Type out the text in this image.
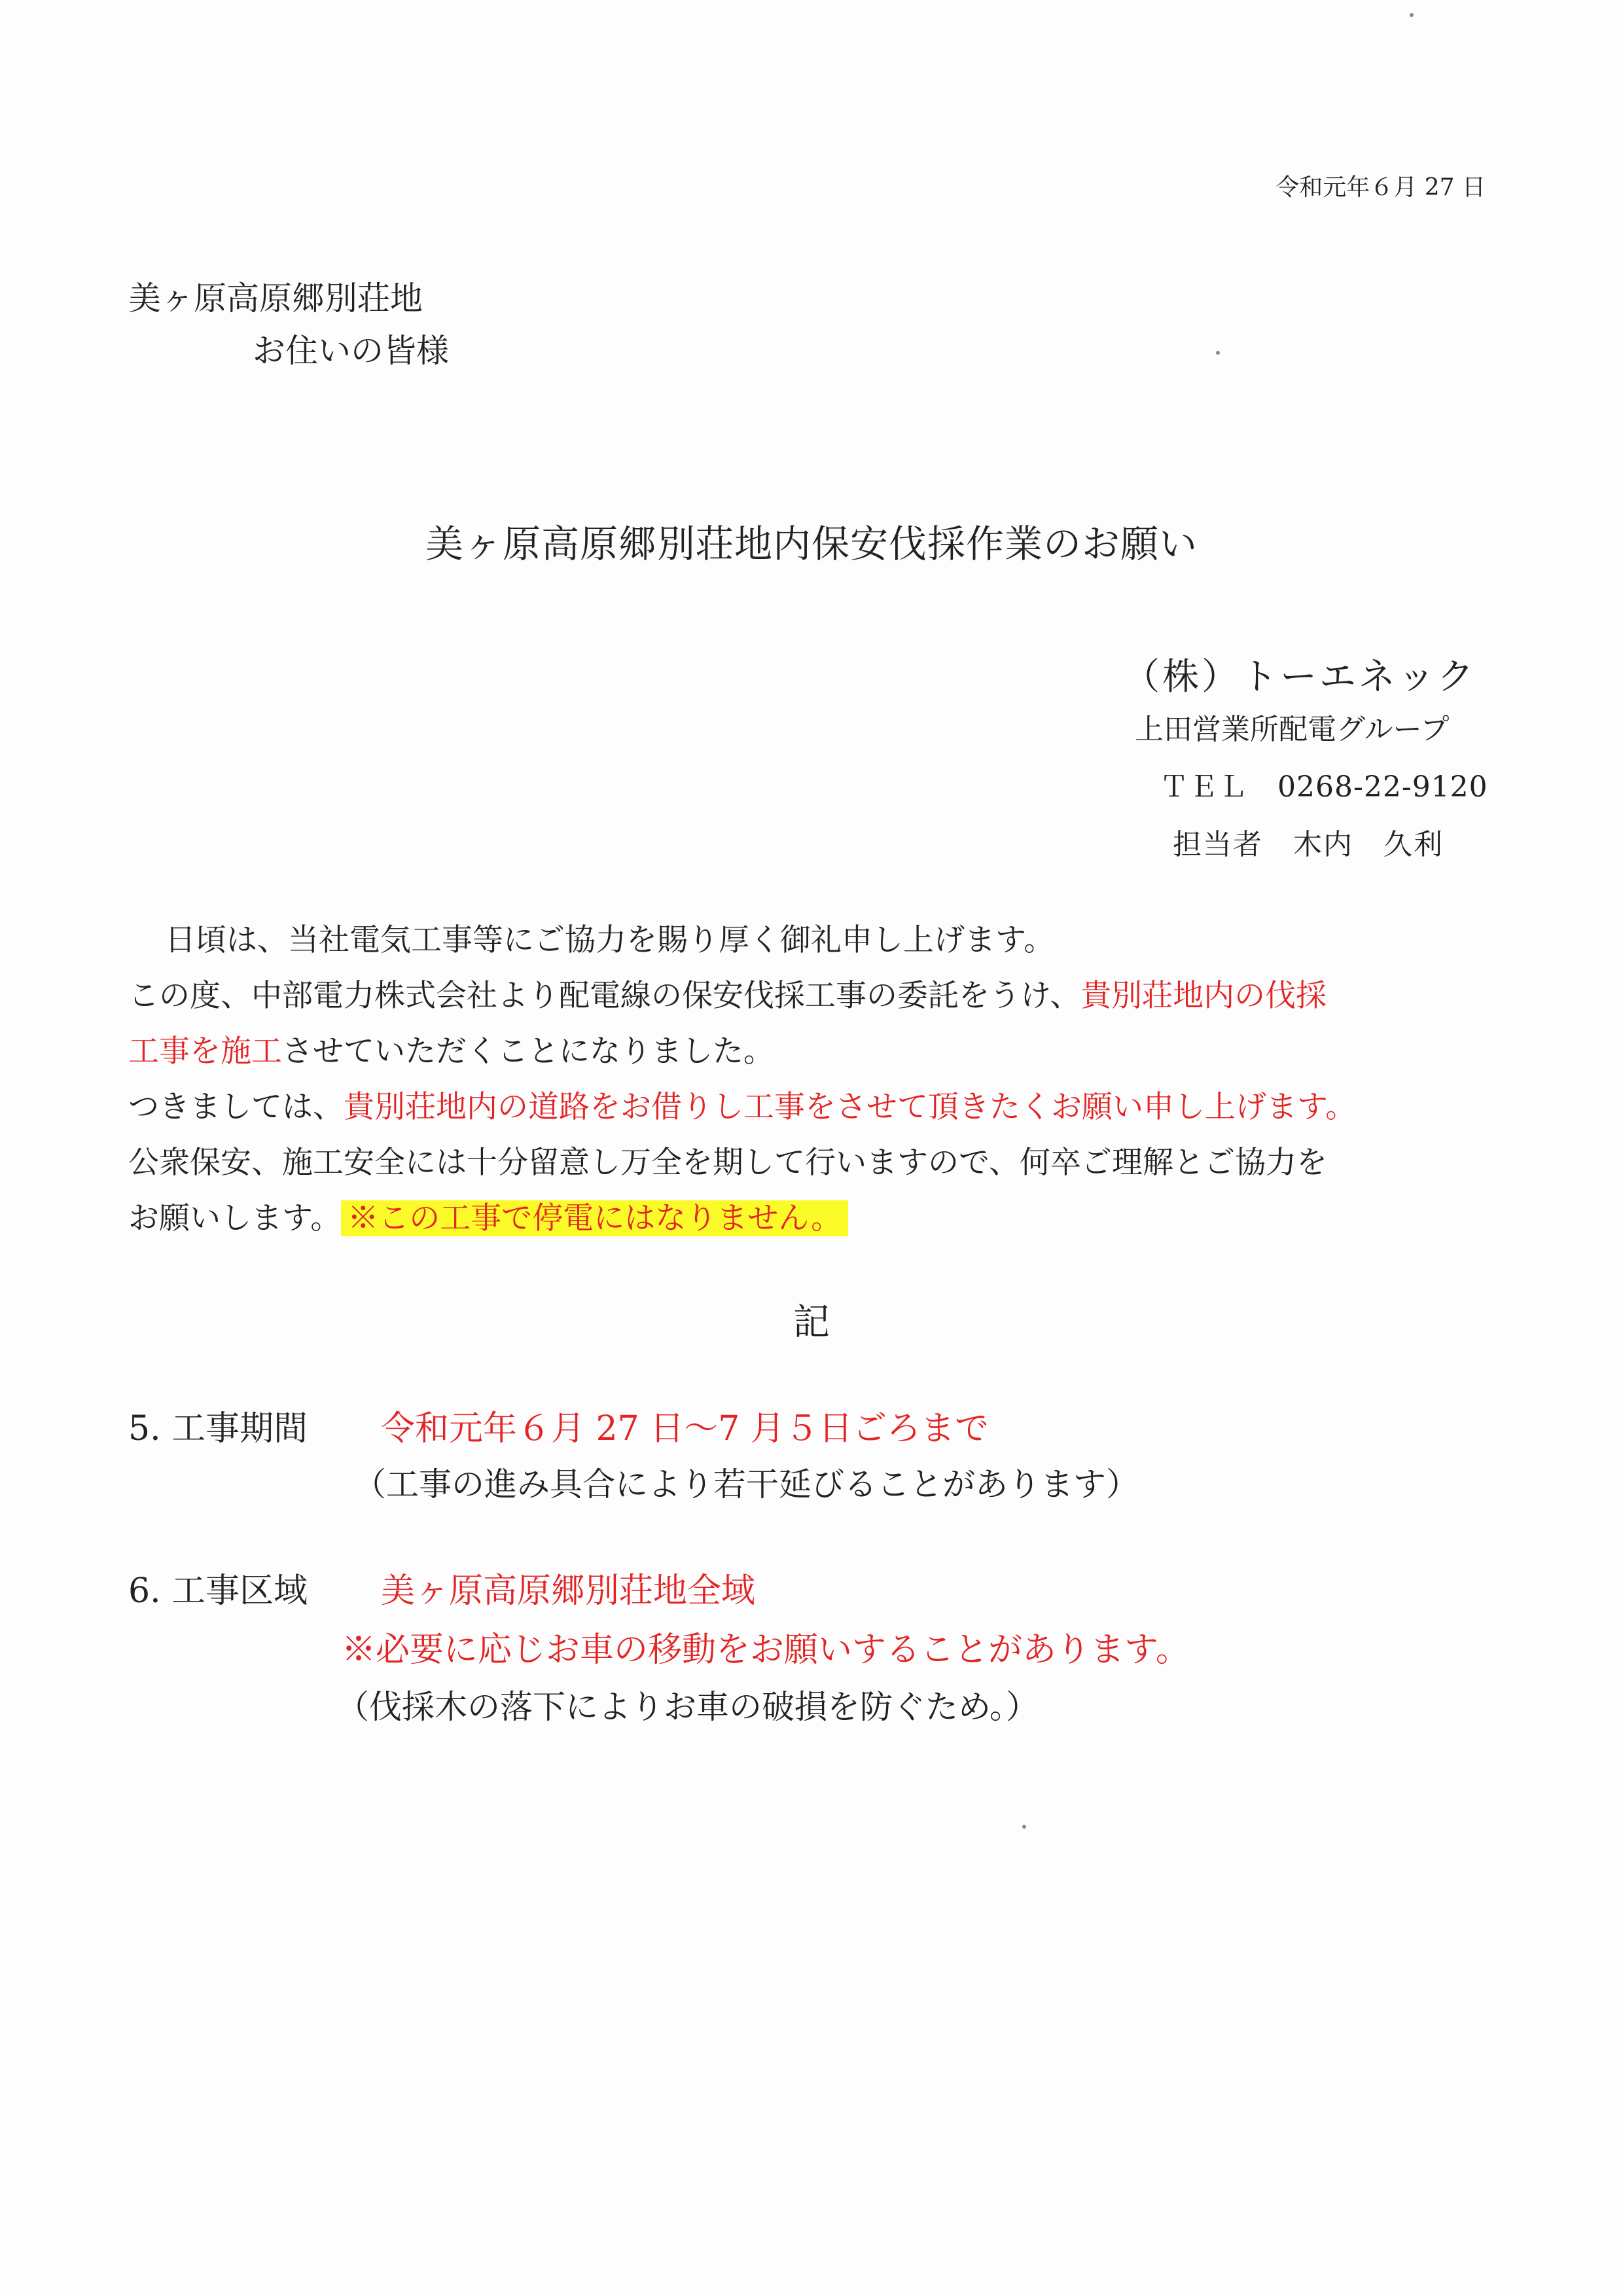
令和元年６月 27 日
美ヶ原高原郷別荘地
お住いの皆様
美ヶ原高原郷別荘地内保安伐採作業のお願い
（株）トーエネック
上田営業所配電グループ
ＴＥＬ　0268-22-9120
担当者　木内　久利
日頃は、当社電気工事等にご協力を賜り厚く御礼申し上げます。
この度、中部電力株式会社より配電線の保安伐採工事の委託をうけ、貴別荘地内の伐採
工事を施工させていただくことになりました。
つきましては、貴別荘地内の道路をお借りし工事をさせて頂きたくお願い申し上げます。
公衆保安、施工安全には十分留意し万全を期して行いますので、何卒ご理解とご協力を
お願いします。 ※この工事で停電にはなりません。
記
5. 工事期間 令和元年６月 27 日～7 月５日ごろまで
（工事の進み具合により若干延びることがあります）
6. 工事区域 美ヶ原高原郷別荘地全域
※必要に応じお車の移動をお願いすることがあります。
（伐採木の落下によりお車の破損を防ぐため。）
